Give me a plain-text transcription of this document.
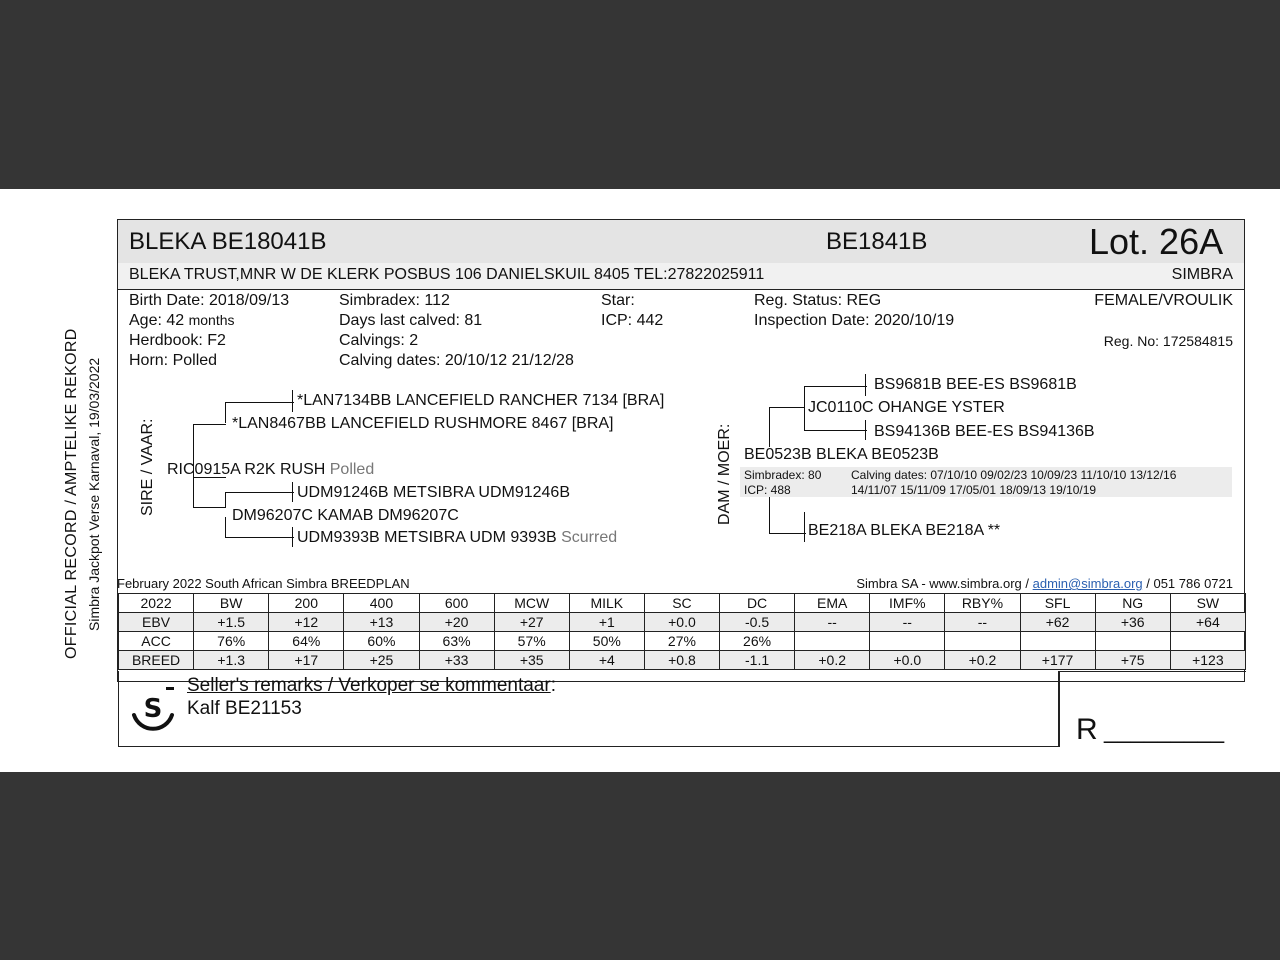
OFFICIAL RECORD / AMPTELIKE REKORD Simbra Jackpot Verse Karnaval, 19/03/2022
BLEKA BE18041B	BE1841B	Lot. 26A
BLEKA TRUST,MNR W DE KLERK POSBUS 106 DANIELSKUIL 8405 TEL:27822025911	SIMBRA
Birth Date: 2018/09/13
Age: 42 months
Herdbook: F2
Horn: Polled
Simbradex: 112
Days last calved: 81
Calvings: 2
Calving dates: 20/10/12 21/12/28
Star:
ICP: 442
Reg. Status: REG
Inspection Date: 2020/10/19
FEMALE/VROULIK
Reg. No: 172584815
SIRE / VAAR:
*LAN7134BB LANCEFIELD RANCHER 7134 [BRA]
*LAN8467BB LANCEFIELD RUSHMORE 8467 [BRA]
RIC0915A R2K RUSH Polled
UDM91246B METSIBRA UDM91246B
DM96207C KAMAB DM96207C
UDM9393B METSIBRA UDM 9393B Scurred
DAM / MOER:
BS9681B BEE-ES BS9681B
JC0110C OHANGE YSTER
BS94136B BEE-ES BS94136B
BE0523B BLEKA BE0523B
Simbradex: 80
ICP: 488
Calving dates: 07/10/10 09/02/23 10/09/23 11/10/10 13/12/16
14/11/07 15/11/09 17/05/01 18/09/13 19/10/19
BE218A BLEKA BE218A **
February 2022 South African Simbra BREEDPLAN	Simbra SA - www.simbra.org / admin@simbra.org / 051 786 0721
2022	BW	200	400	600	MCW	MILK	SC	DC	EMA	IMF%	RBY%	SFL	NG	SW
EBV	+1.5	+12	+13	+20	+27	+1	+0.0	-0.5	--	--	--	+62	+36	+64
ACC	76%	64%	60%	63%	57%	50%	27%	26%						
BREED	+1.3	+17	+25	+33	+35	+4	+0.8	-1.1	+0.2	+0.0	+0.2	+177	+75	+123
S
Seller's remarks / Verkoper se kommentaar:
Kalf BE21153
R _________
